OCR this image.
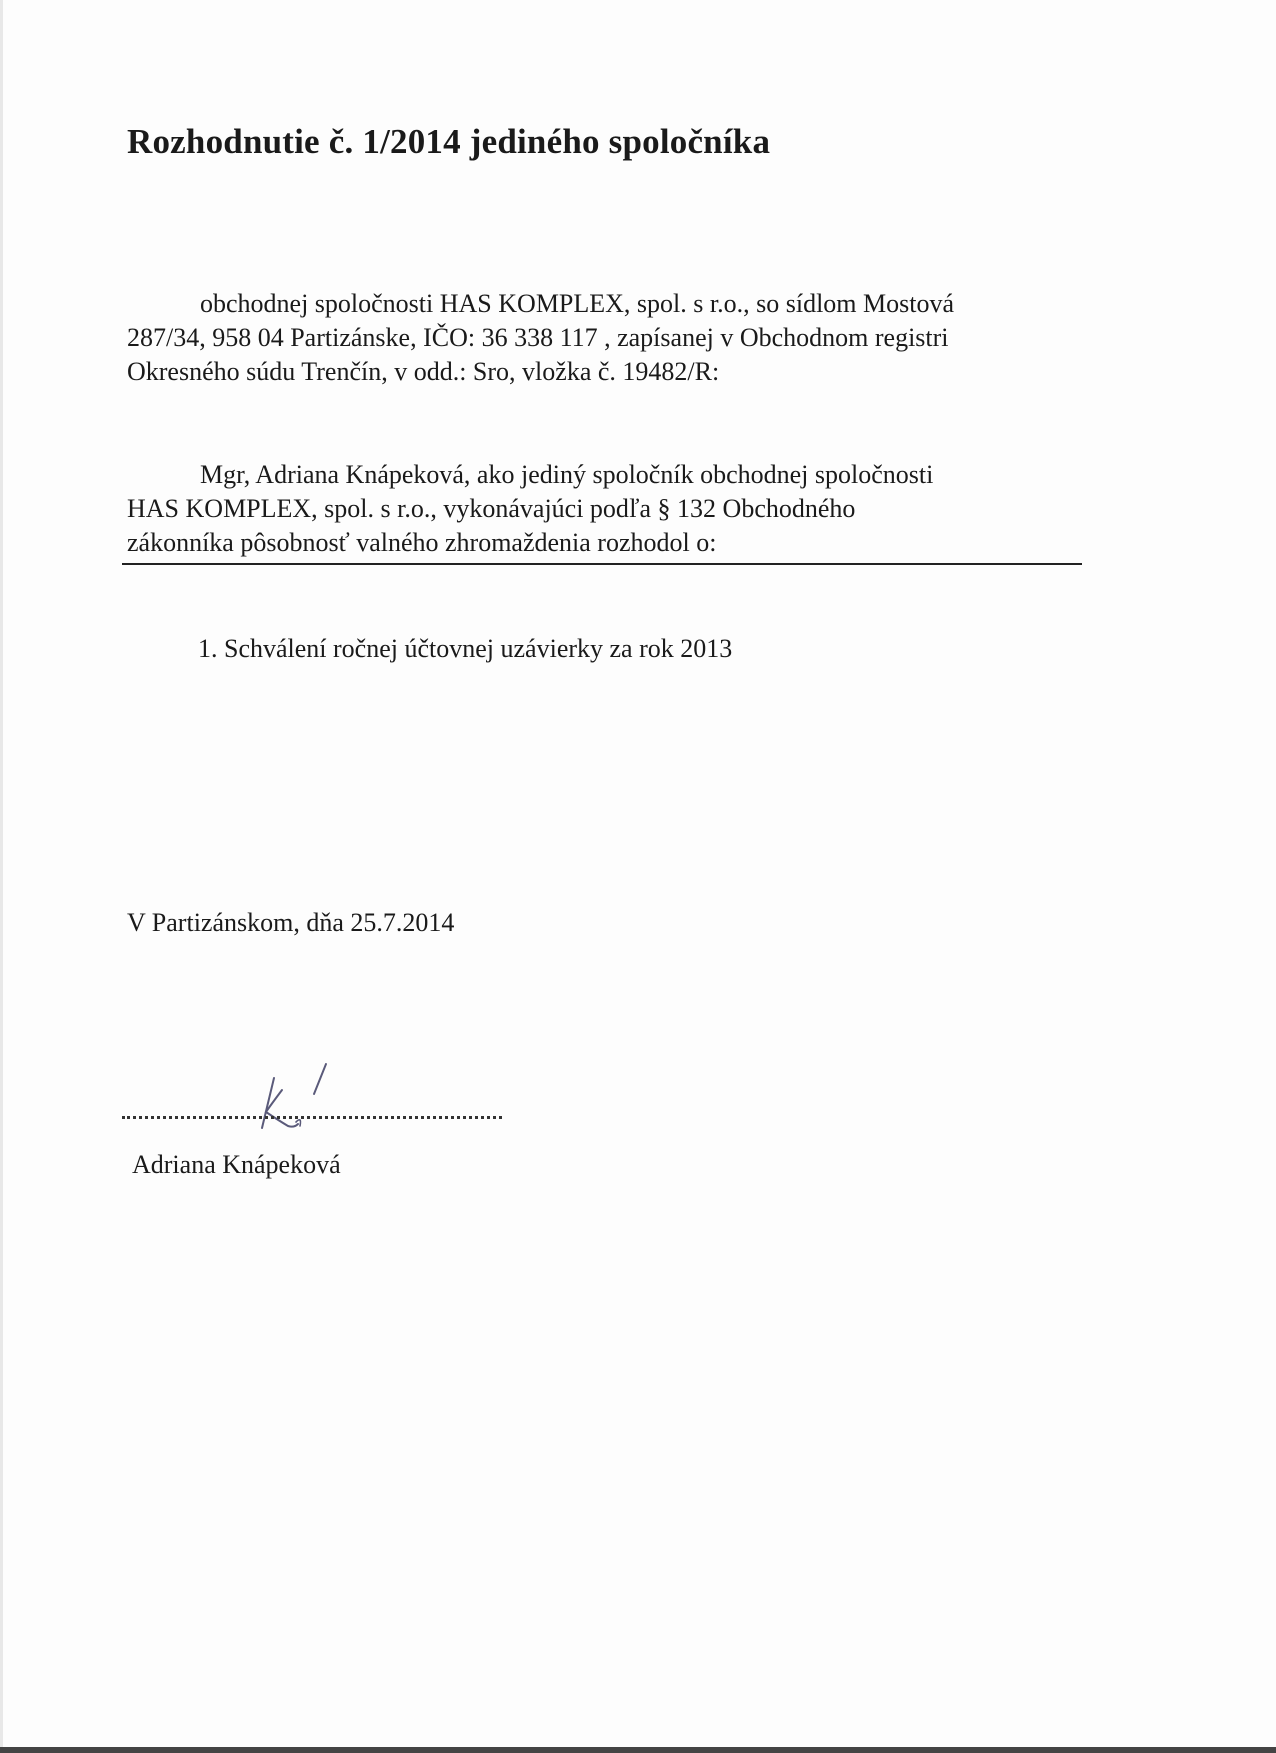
Rozhodnutie č. 1/2014 jediného spoločníka
obchodnej spoločnosti HAS KOMPLEX, spol. s r.o., so sídlom Mostová
287/34, 958 04 Partizánske, IČO: 36 338 117 , zapísanej v Obchodnom registri
Okresného súdu Trenčín, v odd.: Sro, vložka č. 19482/R:
Mgr, Adriana Knápeková, ako jediný spoločník obchodnej spoločnosti
HAS KOMPLEX, spol. s r.o., vykonávajúci podľa § 132 Obchodného
zákonníka pôsobnosť valného zhromaždenia rozhodol o:
1. Schválení ročnej účtovnej uzávierky za rok 2013
V Partizánskom, dňa 25.7.2014
Adriana Knápeková
